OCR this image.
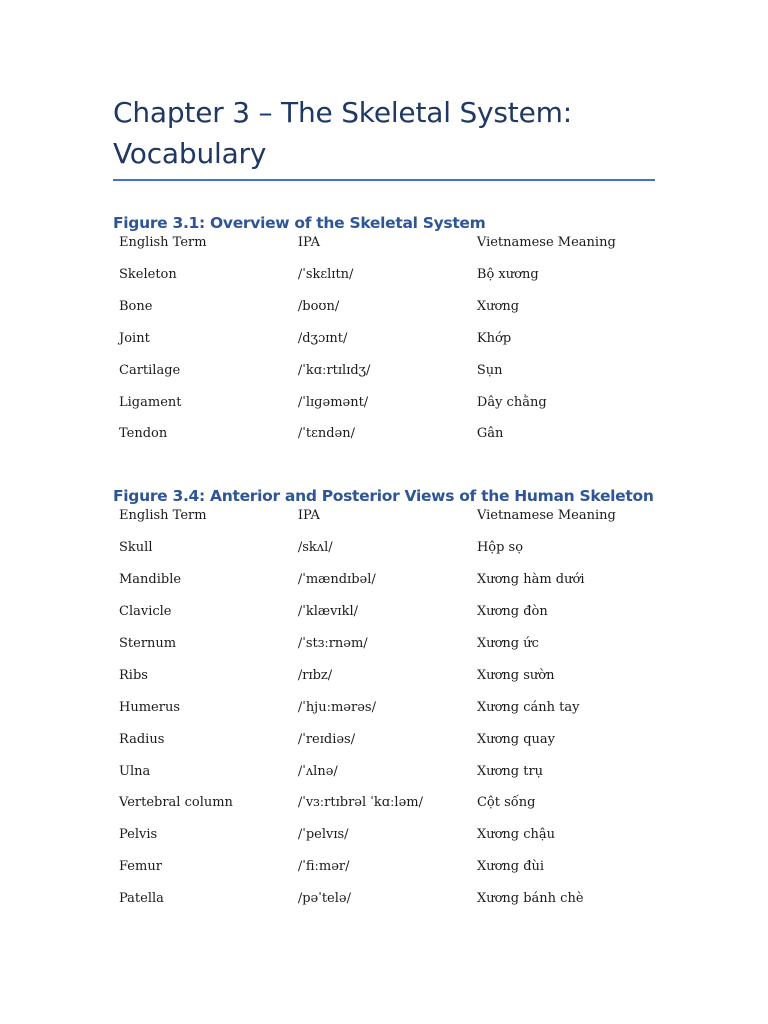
Chapter 3 – The Skeletal System:
Vocabulary
Figure 3.1: Overview of the Skeletal System
English Term	IPA	Vietnamese Meaning
Skeleton	/ˈskɛlɪtn/	Bộ xương
Bone	/boʊn/	Xương
Joint	/dʒɔɪnt/	Khớp
Cartilage	/ˈkɑːrtɪlɪdʒ/	Sụn
Ligament	/ˈlɪɡəmənt/	Dây chằng
Tendon	/ˈtɛndən/	Gân
Figure 3.4: Anterior and Posterior Views of the Human Skeleton
English Term	IPA	Vietnamese Meaning
Skull	/skʌl/	Hộp sọ
Mandible	/ˈmændɪbəl/	Xương hàm dưới
Clavicle	/ˈklævɪkl/	Xương đòn
Sternum	/ˈstɜːrnəm/	Xương ức
Ribs	/rɪbz/	Xương sườn
Humerus	/ˈhjuːmərəs/	Xương cánh tay
Radius	/ˈreɪdiəs/	Xương quay
Ulna	/ˈʌlnə/	Xương trụ
Vertebral column	/ˈvɜːrtɪbrəl ˈkɑːləm/	Cột sống
Pelvis	/ˈpelvɪs/	Xương chậu
Femur	/ˈfiːmər/	Xương đùi
Patella	/pəˈtelə/	Xương bánh chè
